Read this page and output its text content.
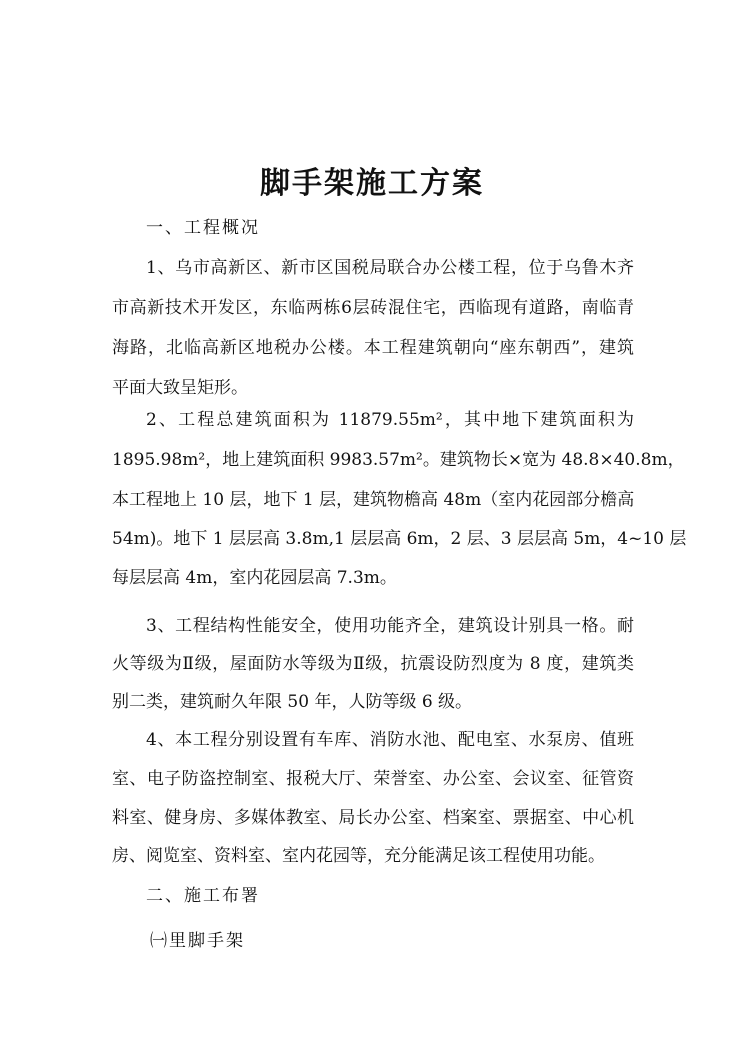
脚手架施工方案
一、工程概况
1、乌市高新区、新市区国税局联合办公楼工程，位于乌鲁木齐
市高新技术开发区，东临两栋6层砖混住宅，西临现有道路，南临青
海路，北临高新区地税办公楼。本工程建筑朝向“座东朝西”，建筑
平面大致呈矩形。
2、工程总建筑面积为 11879.55m²，其中地下建筑面积为
1895.98m²，地上建筑面积 9983.57m²。建筑物长×宽为 48.8×40.8m，
本工程地上 10 层，地下 1 层，建筑物檐高 48m（室内花园部分檐高
54m)。地下 1 层层高 3.8m,1 层层高 6m，2 层、3 层层高 5m，4~10 层
每层层高 4m，室内花园层高 7.3m。
3、工程结构性能安全，使用功能齐全，建筑设计别具一格。耐
火等级为Ⅱ级，屋面防水等级为Ⅱ级，抗震设防烈度为 8 度，建筑类
别二类，建筑耐久年限 50 年，人防等级 6 级。
4、本工程分别设置有车库、消防水池、配电室、水泵房、值班
室、电子防盗控制室、报税大厅、荣誉室、办公室、会议室、征管资
料室、健身房、多媒体教室、局长办公室、档案室、票据室、中心机
房、阅览室、资料室、室内花园等，充分能满足该工程使用功能。
二、施工布署
㈠里脚手架
